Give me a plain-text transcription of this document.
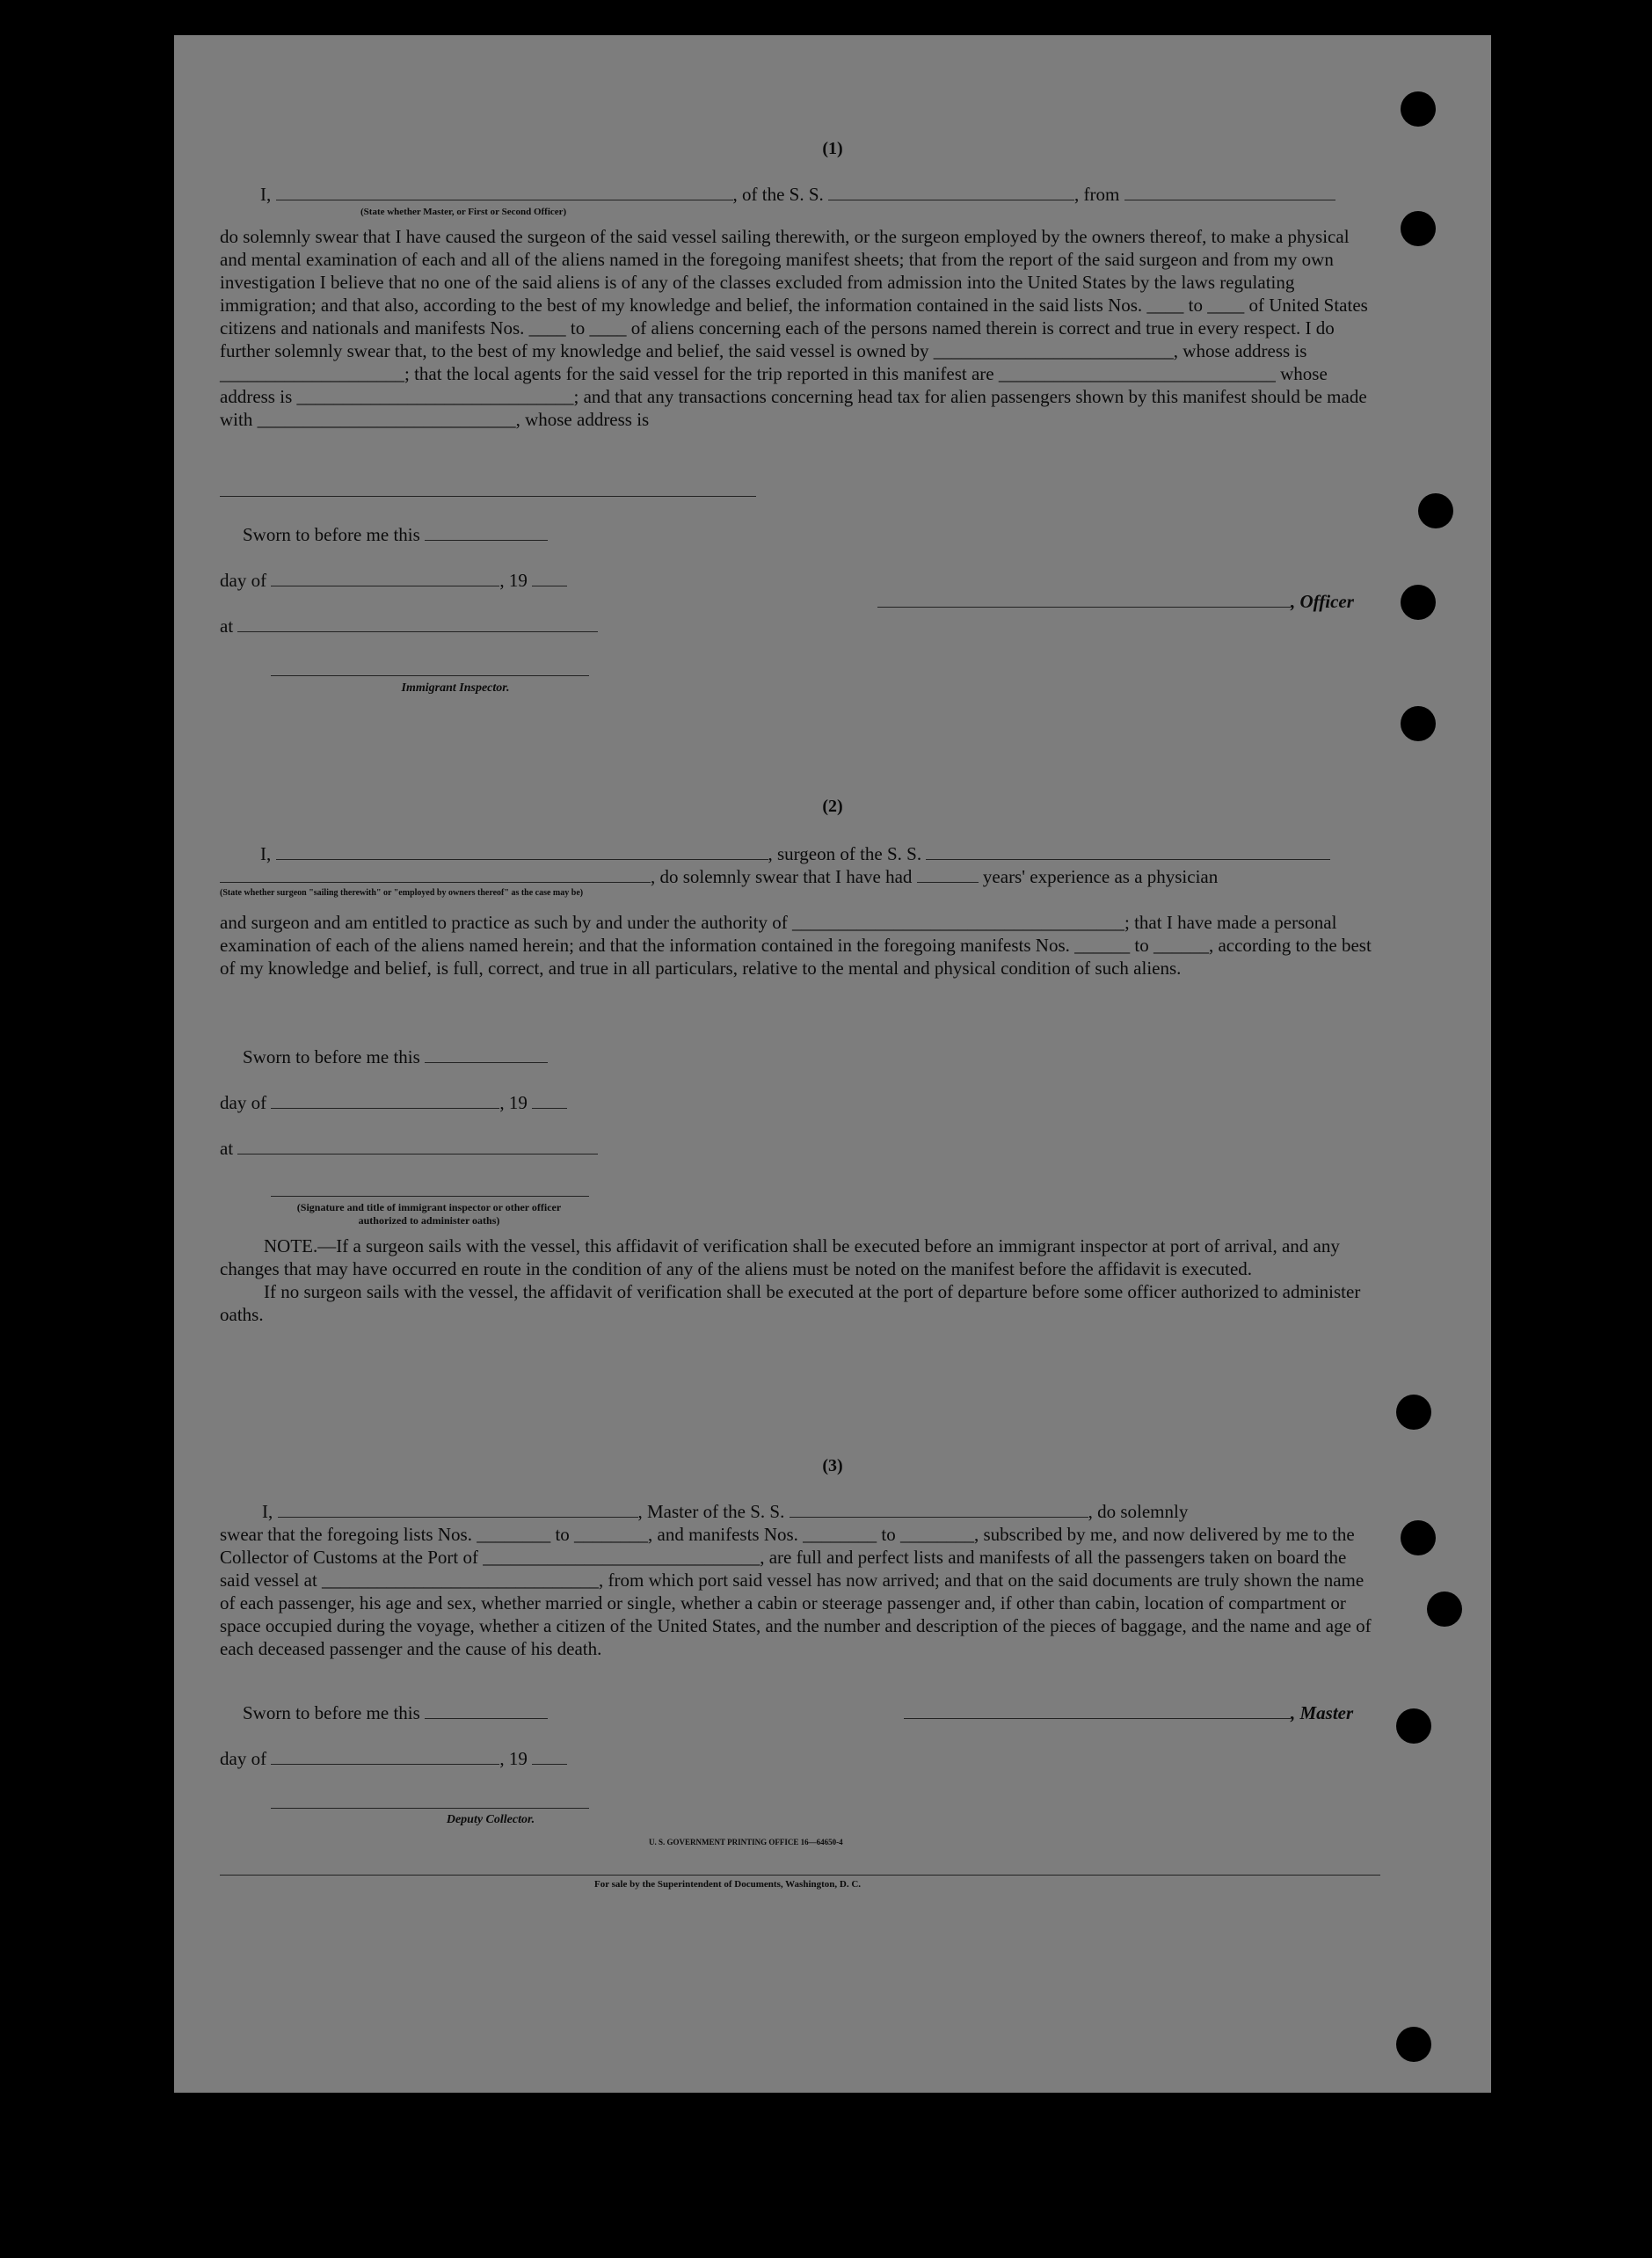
(1)
I,	, of the S. S.	, from
(State whether Master, or First or Second Officer)
do solemnly swear that I have caused the surgeon of the said vessel sailing therewith, or the surgeon employed by the owners thereof, to make a physical and mental examination of each and all of the aliens named in the foregoing manifest sheets; that from the report of the said surgeon and from my own investigation I believe that no one of the said aliens is of any of the classes excluded from admission into the United States by the laws regulating immigration; and that also, according to the best of my knowledge and belief, the information contained in the said lists Nos. ____ to ____ of United States citizens and nationals and manifests Nos. ____ to ____ of aliens concerning each of the persons named therein is correct and true in every respect. I do further solemnly swear that, to the best of my knowledge and belief, the said vessel is owned by __________________________, whose address is ____________________; that the local agents for the said vessel for the trip reported in this manifest are ______________________________ whose address is ______________________________; and that any transactions concerning head tax for alien passengers shown by this manifest should be made with ____________________________, whose address is
Sworn to before me this
day of	, 19
at
, Officer
Immigrant Inspector.
(2)
I,	, surgeon of the S. S.
, do solemnly swear that I have had	years' experience as a physician
(State whether surgeon "sailing therewith" or "employed by owners thereof" as the case may be)
and surgeon and am entitled to practice as such by and under the authority of ____________________________________; that I have made a personal examination of each of the aliens named herein; and that the information contained in the foregoing manifests Nos. ______ to ______, according to the best of my knowledge and belief, is full, correct, and true in all particulars, relative to the mental and physical condition of such aliens.
Sworn to before me this
day of	, 19
at
(Signature and title of immigrant inspector or other officer authorized to administer oaths)
NOTE.—If a surgeon sails with the vessel, this affidavit of verification shall be executed before an immigrant inspector at port of arrival, and any changes that may have occurred en route in the condition of any of the aliens must be noted on the manifest before the affidavit is executed.
If no surgeon sails with the vessel, the affidavit of verification shall be executed at the port of departure before some officer authorized to administer oaths.
(3)
I,	, Master of the S. S.	, do solemnly
swear that the foregoing lists Nos. ________ to ________, and manifests Nos. ________ to ________, subscribed by me, and now delivered by me to the Collector of Customs at the Port of ______________________________, are full and perfect lists and manifests of all the passengers taken on board the said vessel at ______________________________, from which port said vessel has now arrived; and that on the said documents are truly shown the name of each passenger, his age and sex, whether married or single, whether a cabin or steerage passenger and, if other than cabin, location of compartment or space occupied during the voyage, whether a citizen of the United States, and the number and description of the pieces of baggage, and the name and age of each deceased passenger and the cause of his death.
Sworn to before me this	, Master
day of	, 19
Deputy Collector.
U. S. GOVERNMENT PRINTING OFFICE 16—64650-4
For sale by the Superintendent of Documents, Washington, D. C.
